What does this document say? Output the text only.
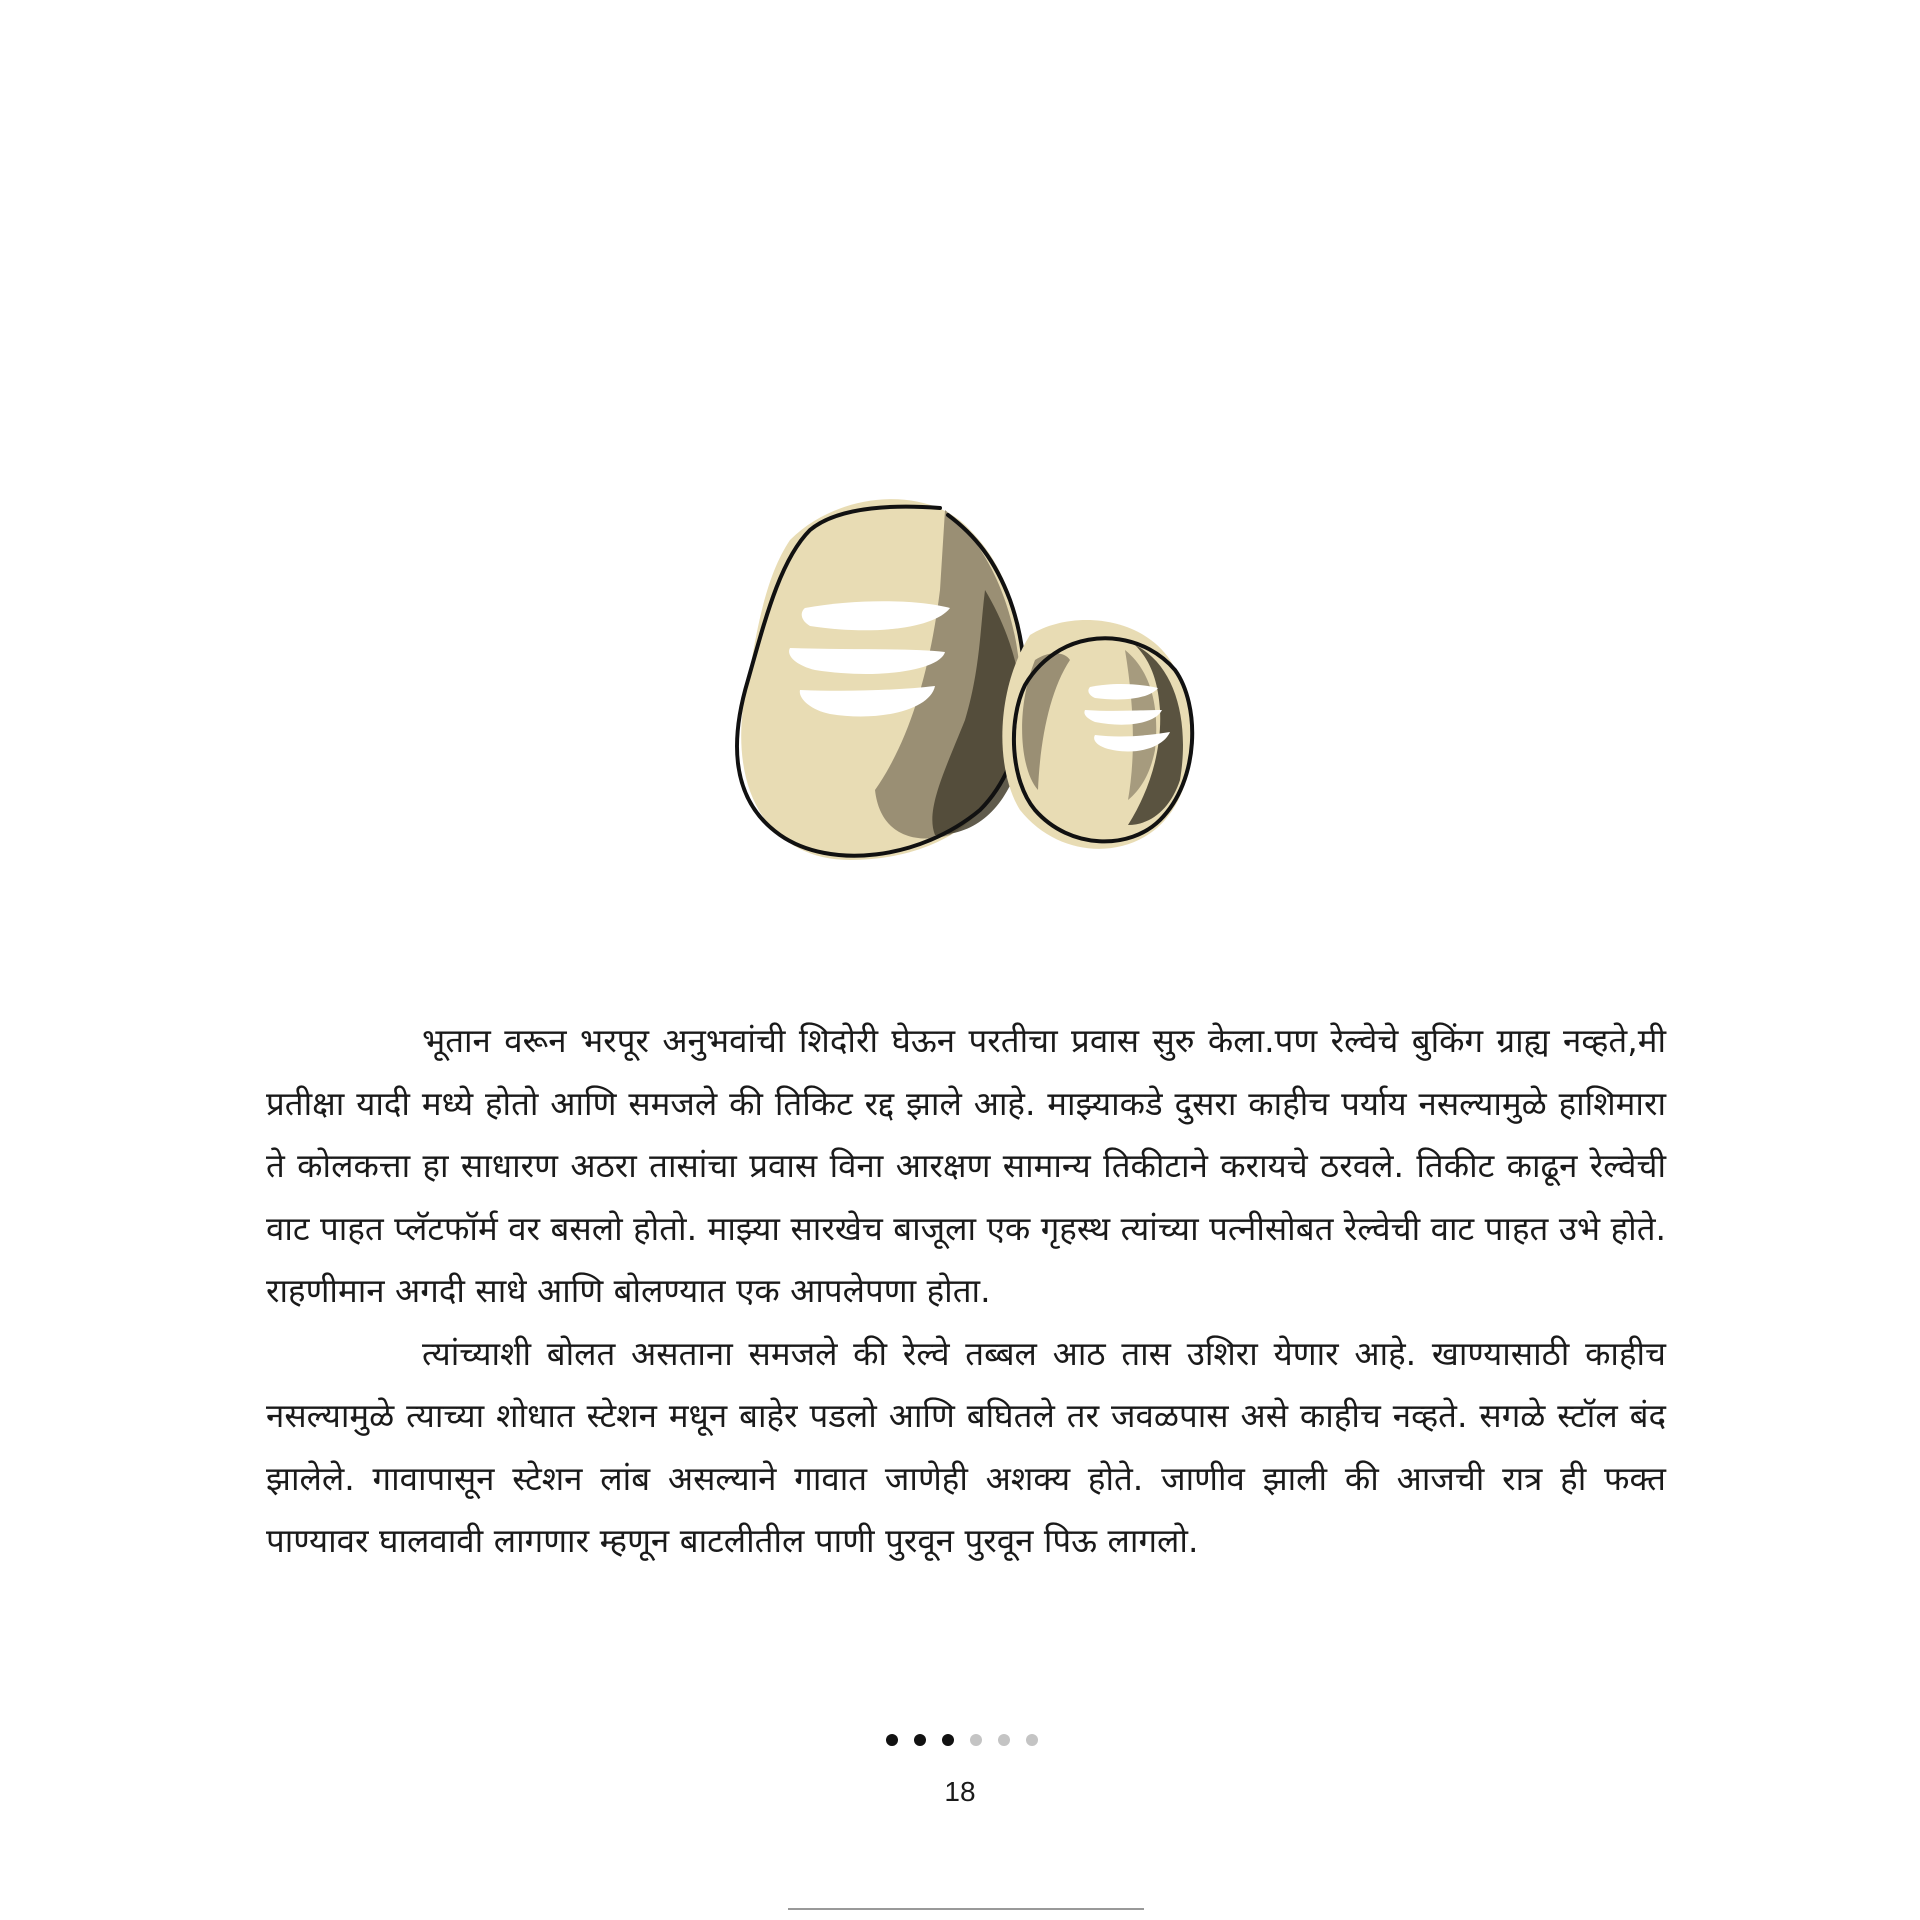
भूतान वरून भरपूर अनुभवांची शिदोरी घेऊन परतीचा प्रवास सुरु केला.पण रेल्वेचे बुकिंग ग्राह्य नव्हते,मी प्रतीक्षा यादी मध्ये होतो आणि समजले की तिकिट रद्द झाले आहे. माझ्याकडे दुसरा काहीच पर्याय नसल्यामुळे हाशिमारा ते कोलकत्ता हा साधारण अठरा तासांचा प्रवास विना आरक्षण सामान्य तिकीटाने करायचे ठरवले. तिकीट काढून रेल्वेची वाट पाहत प्लॅटफॉर्म वर बसलो होतो. माझ्या सारखेच बाजूला एक गृहस्थ त्यांच्या पत्नीसोबत रेल्वेची वाट पाहत उभे होते. राहणीमान अगदी साधे आणि बोलण्यात एक आपलेपणा होता.

त्यांच्याशी बोलत असताना समजले की रेल्वे तब्बल आठ तास उशिरा येणार आहे. खाण्यासाठी काहीच नसल्यामुळे त्याच्या शोधात स्टेशन मधून बाहेर पडलो आणि बघितले तर जवळपास असे काहीच नव्हते. सगळे स्टॉल बंद झालेले. गावापासून स्टेशन लांब असल्याने गावात जाणेही अशक्य होते. जाणीव झाली की आजची रात्र ही फक्त पाण्यावर घालवावी लागणार म्हणून बाटलीतील पाणी पुरवून पुरवून पिऊ लागलो.

18
